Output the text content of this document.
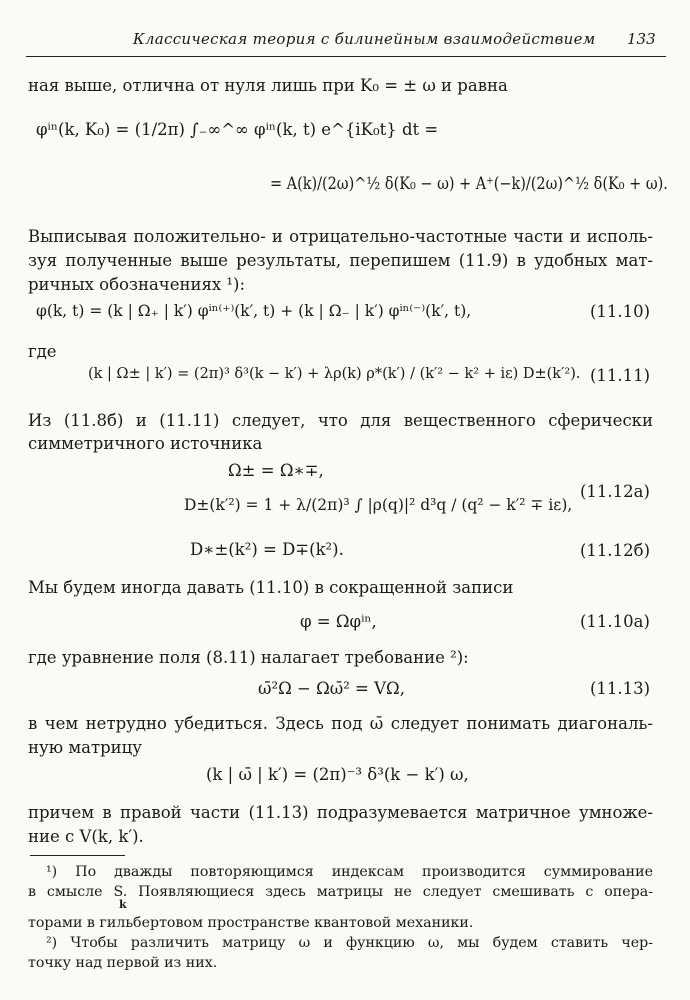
Классическая теория с билинейным взаимодействием 133
ная выше, отлична от нуля лишь при K₀ = ± ω и равна
φⁱⁿ(k, K₀) = (1/2π) ∫₋∞^∞ φⁱⁿ(k, t) e^{iK₀t} dt =
= A(k)/(2ω)^½ δ(K₀ − ω) + A⁺(−k)/(2ω)^½ δ(K₀ + ω).
Выписывая положительно- и отрицательно-частотные части и исполь-
зуя полученные выше результаты, перепишем (11.9) в удобных мат-
ричных обозначениях ¹):
φ(k, t) = (k | Ω₊ | k′) φⁱⁿ⁽⁺⁾(k′, t) + (k | Ω₋ | k′) φⁱⁿ⁽⁻⁾(k′, t),	(11.10)
где
(k | Ω± | k′) = (2π)³ δ³(k − k′) + λρ(k) ρ*(k′) / (k′² − k² + iε) D±(k′²). (11.11)
Из (11.8б) и (11.11) следует, что для вещественного сферически
симметричного источника
Ω± = Ω∗∓,
D±(k′²) = 1 + λ/(2π)³ ∫ |ρ(q)|² d³q / (q² − k′² ∓ iε),
(11.12а)
D∗±(k²) = D∓(k²).	(11.12б)
Мы будем иногда давать (11.10) в сокращенной записи
φ = Ωφⁱⁿ,	(11.10а)
где уравнение поля (8.11) налагает требование ²):
ω̄²Ω − Ωω̄² = VΩ,	(11.13)
в чем нетрудно убедиться. Здесь под ω̄ следует понимать диагональ-
ную матрицу
(k | ω̄ | k′) = (2π)⁻³ δ³(k − k′) ω,
причем в правой части (11.13) подразумевается матричное умноже-
ние с V(k, k′).
¹) По дважды повторяющимся индексам производится суммирование
в смысле S. Появляющиеся здесь матрицы не следует смешивать с опера-
k
торами в гильбертовом пространстве квантовой механики.
²) Чтобы различить матрицу ω и функцию ω, мы будем ставить чер-
точку над первой из них.
